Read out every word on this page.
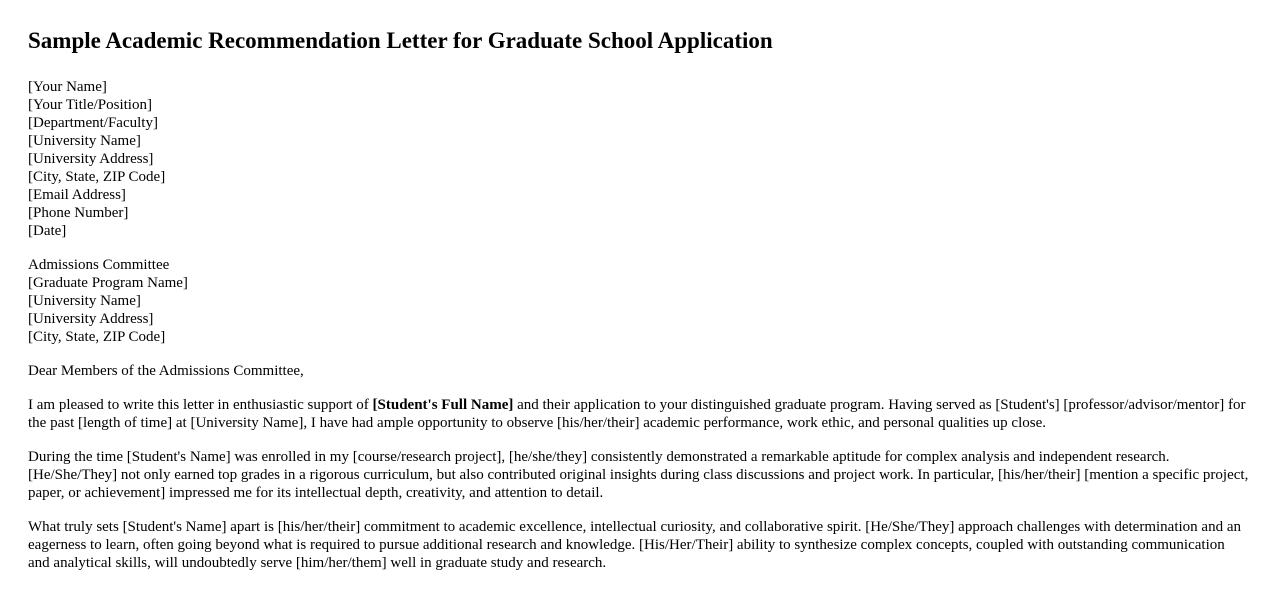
Sample Academic Recommendation Letter for Graduate School Application
[Your Name]
[Your Title/Position]
[Department/Faculty]
[University Name]
[University Address]
[City, State, ZIP Code]
[Email Address]
[Phone Number]
[Date]
Admissions Committee
[Graduate Program Name]
[University Name]
[University Address]
[City, State, ZIP Code]

Dear Members of the Admissions Committee,

I am pleased to write this letter in enthusiastic support of [Student's Full Name] and their application to your distinguished graduate program. Having served as [Student's] [professor/advisor/mentor] for the past [length of time] at [University Name], I have had ample opportunity to observe [his/her/their] academic performance, work ethic, and personal qualities up close.

During the time [Student's Name] was enrolled in my [course/research project], [he/she/they] consistently demonstrated a remarkable aptitude for complex analysis and independent research. [He/She/They] not only earned top grades in a rigorous curriculum, but also contributed original insights during class discussions and project work. In particular, [his/her/their] [mention a specific project, paper, or achievement] impressed me for its intellectual depth, creativity, and attention to detail.

What truly sets [Student's Name] apart is [his/her/their] commitment to academic excellence, intellectual curiosity, and collaborative spirit. [He/She/They] approach challenges with determination and an eagerness to learn, often going beyond what is required to pursue additional research and knowledge. [His/Her/Their] ability to synthesize complex concepts, coupled with outstanding communication and analytical skills, will undoubtedly serve [him/her/them] well in graduate study and research.
